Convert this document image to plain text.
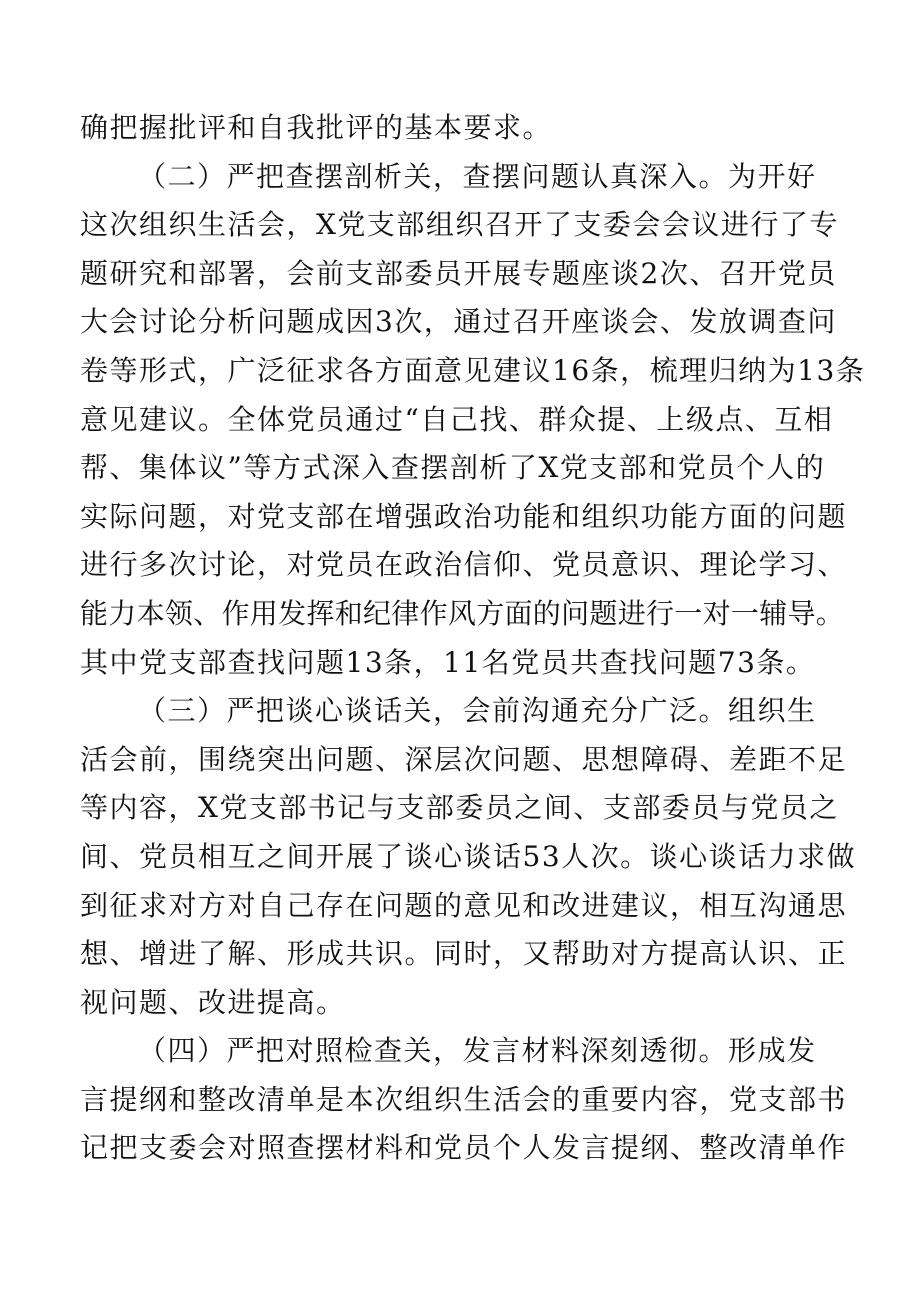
确把握批评和自我批评的基本要求。
（二）严把查摆剖析关，查摆问题认真深入。为开好
这次组织生活会，X党支部组织召开了支委会会议进行了专
题研究和部署，会前支部委员开展专题座谈2次、召开党员
大会讨论分析问题成因3次，通过召开座谈会、发放调查问
卷等形式，广泛征求各方面意见建议16条，梳理归纳为13条
意见建议。全体党员通过“自己找、群众提、上级点、互相
帮、集体议”等方式深入查摆剖析了X党支部和党员个人的
实际问题，对党支部在增强政治功能和组织功能方面的问题
进行多次讨论，对党员在政治信仰、党员意识、理论学习、
能力本领、作用发挥和纪律作风方面的问题进行一对一辅导。
其中党支部查找问题13条，11名党员共查找问题73条。
（三）严把谈心谈话关，会前沟通充分广泛。组织生
活会前，围绕突出问题、深层次问题、思想障碍、差距不足
等内容，X党支部书记与支部委员之间、支部委员与党员之
间、党员相互之间开展了谈心谈话53人次。谈心谈话力求做
到征求对方对自己存在问题的意见和改进建议，相互沟通思
想、增进了解、形成共识。同时，又帮助对方提高认识、正
视问题、改进提高。
（四）严把对照检查关，发言材料深刻透彻。形成发
言提纲和整改清单是本次组织生活会的重要内容，党支部书
记把支委会对照查摆材料和党员个人发言提纲、整改清单作
